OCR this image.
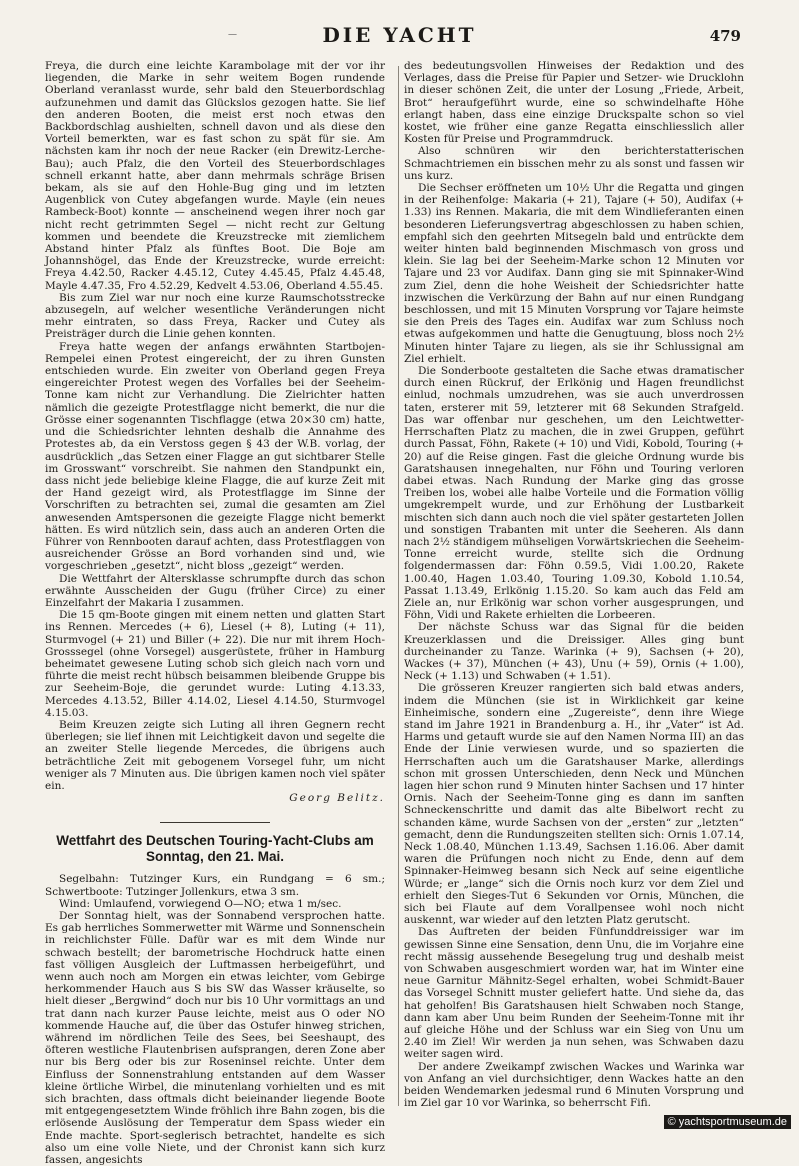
—	DIE YACHT	479

Freya, die durch eine leichte Karambolage mit der vor ihr liegenden, die Marke in sehr weitem Bogen rundende Oberland veranlasst wurde, sehr bald den Steuerbordschlag aufzunehmen und damit das Glückslos gezogen hatte. Sie lief den anderen Booten, die meist erst noch etwas den Backbordschlag aushielten, schnell davon und als diese den Vorteil bemerkten, war es fast schon zu spät für sie. Am nächsten kam ihr noch der neue Racker (ein Drewitz-Lerche-Bau); auch Pfalz, die den Vorteil des Steuerbordschlages schnell erkannt hatte, aber dann mehrmals schräge Brisen bekam, als sie auf den Hohle-Bug ging und im letzten Augenblick von Cutey abgefangen wurde. Mayle (ein neues Rambeck-Boot) konnte — anscheinend wegen ihrer noch gar nicht recht getrimmten Segel — nicht recht zur Geltung kommen und beendete die Kreuzstrecke mit ziemlichem Abstand hinter Pfalz als fünftes Boot. Die Boje am Johannshögel, das Ende der Kreuzstrecke, wurde erreicht: Freya 4.42.50, Racker 4.45.12, Cutey 4.45.45, Pfalz 4.45.48, Mayle 4.47.35, Fro 4.52.29, Kedvelt 4.53.06, Oberland 4.55.45.

Bis zum Ziel war nur noch eine kurze Raumschotsstrecke abzusegeln, auf welcher wesentliche Veränderungen nicht mehr eintraten, so dass Freya, Racker und Cutey als Preisträger durch die Linie gehen konnten.

Freya hatte wegen der anfangs erwähnten Startbojen-Rempelei einen Protest eingereicht, der zu ihren Gunsten entschieden wurde. Ein zweiter von Oberland gegen Freya eingereichter Protest wegen des Vorfalles bei der Seeheim-Tonne kam nicht zur Verhandlung. Die Zielrichter hatten nämlich die gezeigte Protestflagge nicht bemerkt, die nur die Grösse einer sogenannten Tischflagge (etwa 20×30 cm) hatte, und die Schiedsrichter lehnten deshalb die Annahme des Protestes ab, da ein Verstoss gegen § 43 der W.B. vorlag, der ausdrücklich „das Setzen einer Flagge an gut sichtbarer Stelle im Grosswant“ vorschreibt. Sie nahmen den Standpunkt ein, dass nicht jede beliebige kleine Flagge, die auf kurze Zeit mit der Hand gezeigt wird, als Protestflagge im Sinne der Vorschriften zu betrachten sei, zumal die gesamten am Ziel anwesenden Amtspersonen die gezeigte Flagge nicht bemerkt hätten. Es wird nützlich sein, dass auch an anderen Orten die Führer von Rennbooten darauf achten, dass Protestflaggen von ausreichender Grösse an Bord vorhanden sind und, wie vorgeschrieben „gesetzt“, nicht bloss „gezeigt“ werden.

Die Wettfahrt der Altersklasse schrumpfte durch das schon erwähnte Ausscheiden der Gugu (früher Circe) zu einer Einzelfahrt der Makaria I zusammen.

Die 15 qm-Boote gingen mit einem netten und glatten Start ins Rennen. Mercedes (+ 6), Liesel (+ 8), Luting (+ 11), Sturmvogel (+ 21) und Biller (+ 22). Die nur mit ihrem Hoch-Grosssegel (ohne Vorsegel) ausgerüstete, früher in Hamburg beheimatet gewesene Luting schob sich gleich nach vorn und führte die meist recht hübsch beisammen bleibende Gruppe bis zur Seeheim-Boje, die gerundet wurde: Luting 4.13.33, Mercedes 4.13.52, Biller 4.14.02, Liesel 4.14.50, Sturmvogel 4.15.03.

Beim Kreuzen zeigte sich Luting all ihren Gegnern recht überlegen; sie lief ihnen mit Leichtigkeit davon und segelte die an zweiter Stelle liegende Mercedes, die übrigens auch beträchtliche Zeit mit gebogenem Vorsegel fuhr, um nicht weniger als 7 Minuten aus. Die übrigen kamen noch viel später ein.

Georg Belitz.
Wettfahrt des Deutschen Touring-Yacht-Clubs am Sonntag, den 21. Mai.

Segelbahn: Tutzinger Kurs, ein Rundgang = 6 sm.; Schwertboote: Tutzinger Jollenkurs, etwa 3 sm.

Wind: Umlaufend, vorwiegend O—NO; etwa 1 m/sec.

Der Sonntag hielt, was der Sonnabend versprochen hatte. Es gab herrliches Sommerwetter mit Wärme und Sonnenschein in reichlichster Fülle. Dafür war es mit dem Winde nur schwach bestellt; der barometrische Hochdruck hatte einen fast völligen Ausgleich der Luftmassen herbeigeführt, und wenn auch noch am Morgen ein etwas leichter, vom Gebirge herkommender Hauch aus S bis SW das Wasser kräuselte, so hielt dieser „Bergwind“ doch nur bis 10 Uhr vormittags an und trat dann nach kurzer Pause leichte, meist aus O oder NO kommende Hauche auf, die über das Ostufer hinweg strichen, während im nördlichen Teile des Sees, bei Seeshaupt, des öfteren westliche Flautenbrisen aufsprangen, deren Zone aber nur bis Berg oder bis zur Roseninsel reichte. Unter dem Einfluss der Sonnenstrahlung entstanden auf dem Wasser kleine örtliche Wirbel, die minutenlang vorhielten und es mit sich brachten, dass oftmals dicht beieinander liegende Boote mit entgegengesetztem Winde fröhlich ihre Bahn zogen, bis die erlösende Auslösung der Temperatur dem Spass wieder ein Ende machte. Sport-seglerisch betrachtet, handelte es sich also um eine volle Niete, und der Chronist kann sich kurz fassen, angesichts

des bedeutungsvollen Hinweises der Redaktion und des Verlages, dass die Preise für Papier und Setzer- wie Drucklohn in dieser schönen Zeit, die unter der Losung „Friede, Arbeit, Brot“ heraufgeführt wurde, eine so schwindelhafte Höhe erlangt haben, dass eine einzige Druckspalte schon so viel kostet, wie früher eine ganze Regatta einschliesslich aller Kosten für Preise und Programmdruck.

Also schnüren wir den berichterstatterischen Schmachtriemen ein bisschen mehr zu als sonst und fassen wir uns kurz.

Die Sechser eröffneten um 10½ Uhr die Regatta und gingen in der Reihenfolge: Makaria (+ 21), Tajare (+ 50), Audifax (+ 1.33) ins Rennen. Makaria, die mit dem Windlieferanten einen besonderen Lieferungsvertrag abgeschlossen zu haben schien, empfahl sich den geehrten Mitsegeln bald und entrückte dem weiter hinten bald beginnenden Mischmasch von gross und klein. Sie lag bei der Seeheim-Marke schon 12 Minuten vor Tajare und 23 vor Audifax. Dann ging sie mit Spinnaker-Wind zum Ziel, denn die hohe Weisheit der Schiedsrichter hatte inzwischen die Verkürzung der Bahn auf nur einen Rundgang beschlossen, und mit 15 Minuten Vorsprung vor Tajare heimste sie den Preis des Tages ein. Audifax war zum Schluss noch etwas aufgekommen und hatte die Genugtuung, bloss noch 2½ Minuten hinter Tajare zu liegen, als sie ihr Schlussignal am Ziel erhielt.

Die Sonderboote gestalteten die Sache etwas dramatischer durch einen Rückruf, der Erlkönig und Hagen freundlichst einlud, nochmals umzudrehen, was sie auch unverdrossen taten, ersterer mit 59, letzterer mit 68 Sekunden Strafgeld. Das war offenbar nur geschehen, um den Leichtwetter-Herrschaften Platz zu machen, die in zwei Gruppen, geführt durch Passat, Föhn, Rakete (+ 10) und Vidi, Kobold, Touring (+ 20) auf die Reise gingen. Fast die gleiche Ordnung wurde bis Garatshausen innegehalten, nur Föhn und Touring verloren dabei etwas. Nach Rundung der Marke ging das grosse Treiben los, wobei alle halbe Vorteile und die Formation völlig umgekrempelt wurde, und zur Erhöhung der Lustbarkeit mischten sich dann auch noch die viel später gestarteten Jollen und sonstigen Trabanten mit unter die Seeheren. Als dann nach 2½ ständigem mühseligen Vorwärtskriechen die Seeheim-Tonne erreicht wurde, stellte sich die Ordnung folgendermassen dar: Föhn 0.59.5, Vidi 1.00.20, Rakete 1.00.40, Hagen 1.03.40, Touring 1.09.30, Kobold 1.10.54, Passat 1.13.49, Erlkönig 1.15.20. So kam auch das Feld am Ziele an, nur Erlkönig war schon vorher ausgesprungen, und Föhn, Vidi und Rakete erhielten die Lorbeeren.

Der nächste Schuss war das Signal für die beiden Kreuzerklassen und die Dreissiger. Alles ging bunt durcheinander zu Tanze. Warinka (+ 9), Sachsen (+ 20), Wackes (+ 37), München (+ 43), Unu (+ 59), Ornis (+ 1.00), Neck (+ 1.13) und Schwaben (+ 1.51).

Die grösseren Kreuzer rangierten sich bald etwas anders, indem die München (sie ist in Wirklichkeit gar keine Einheimische, sondern eine „Zugereiste“, denn ihre Wiege stand im Jahre 1921 in Brandenburg a. H., ihr „Vater“ ist Ad. Harms und getauft wurde sie auf den Namen Norma III) an das Ende der Linie verwiesen wurde, und so spazierten die Herrschaften auch um die Garatshauser Marke, allerdings schon mit grossen Unterschieden, denn Neck und München lagen hier schon rund 9 Minuten hinter Sachsen und 17 hinter Ornis. Nach der Seeheim-Tonne ging es dann im sanften Schneckenschritte und damit das alte Bibelwort recht zu schanden käme, wurde Sachsen von der „ersten“ zur „letzten“ gemacht, denn die Rundungszeiten stellten sich: Ornis 1.07.14, Neck 1.08.40, München 1.13.49, Sachsen 1.16.06. Aber damit waren die Prüfungen noch nicht zu Ende, denn auf dem Spinnaker-Heimweg besann sich Neck auf seine eigentliche Würde; er „lange“ sich die Ornis noch kurz vor dem Ziel und erhielt den Sieges-Tut 6 Sekunden vor Ornis, München, die sich bei Flaute auf dem Vorallpensee wohl noch nicht auskennt, war wieder auf den letzten Platz gerutscht.

Das Auftreten der beiden Fünfunddreissiger war im gewissen Sinne eine Sensation, denn Unu, die im Vorjahre eine recht mässig aussehende Besegelung trug und deshalb meist von Schwaben ausgeschmiert worden war, hat im Winter eine neue Garnitur Mähnitz-Segel erhalten, wobei Schmidt-Bauer das Vorsegel Schnitt muster geliefert hatte. Und siehe da, das hat geholfen! Bis Garatshausen hielt Schwaben noch Stange, dann kam aber Unu beim Runden der Seeheim-Tonne mit ihr auf gleiche Höhe und der Schluss war ein Sieg von Unu um 2.40 im Ziel! Wir werden ja nun sehen, was Schwaben dazu weiter sagen wird.

Der andere Zweikampf zwischen Wackes und Warinka war von Anfang an viel durchsichtiger, denn Wackes hatte an den beiden Wendemarken jedesmal rund 6 Minuten Vorsprung und im Ziel gar 10 vor Warinka, so beherrscht Fifi.

© yachtsportmuseum.de
